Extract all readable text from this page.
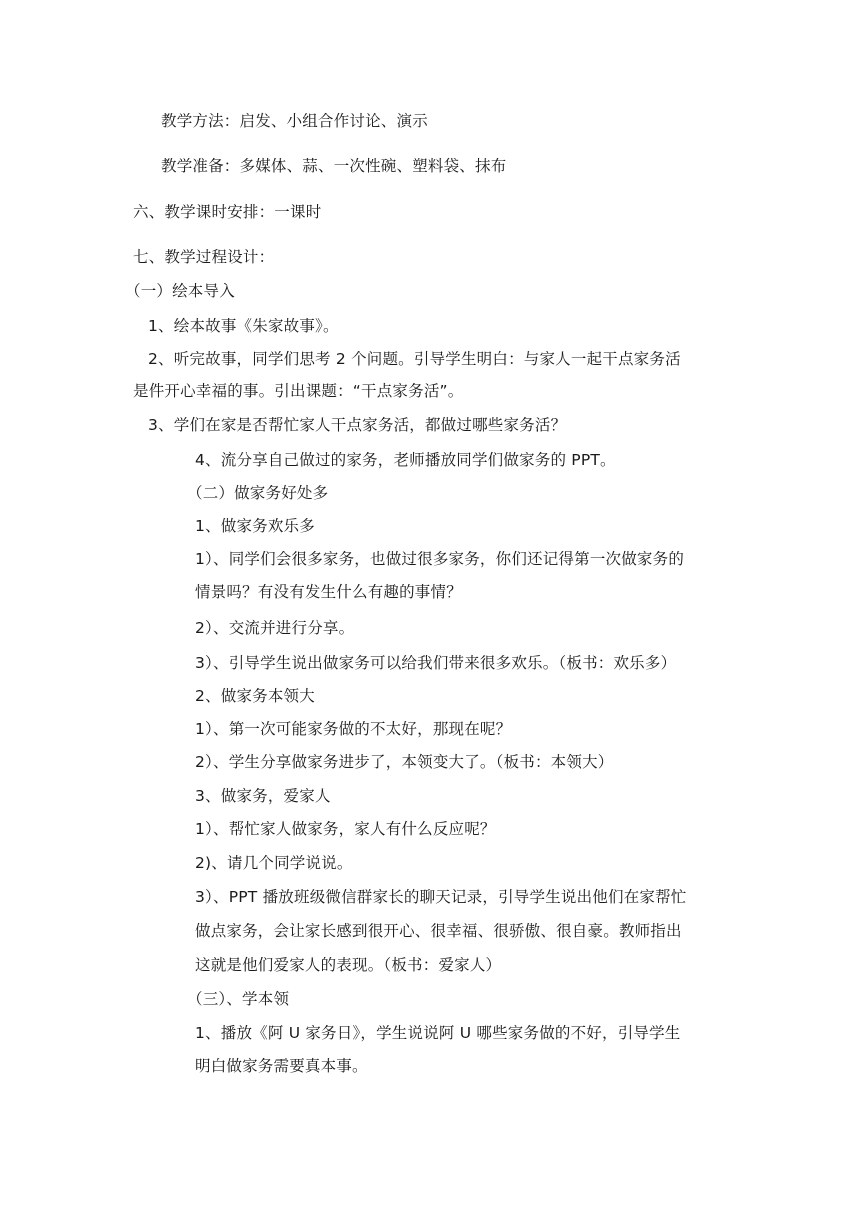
教学方法：启发、小组合作讨论、演示

教学准备：多媒体、蒜、一次性碗、塑料袋、抹布

六、教学课时安排：一课时

七、教学过程设计：

（一）绘本导入

1、绘本故事《朱家故事》。

2、听完故事，同学们思考 2 个问题。引导学生明白：与家人一起干点家务活

是件开心幸福的事。引出课题：“干点家务活”。

3、学们在家是否帮忙家人干点家务活，都做过哪些家务活？

4、流分享自己做过的家务，老师播放同学们做家务的 PPT。

（二）做家务好处多

1、做家务欢乐多

1）、同学们会很多家务，也做过很多家务，你们还记得第一次做家务的

情景吗？有没有发生什么有趣的事情？

2）、交流并进行分享。

3）、引导学生说出做家务可以给我们带来很多欢乐。（板书：欢乐多）

2、做家务本领大

1）、第一次可能家务做的不太好，那现在呢？

2）、学生分享做家务进步了，本领变大了。（板书：本领大）

3、做家务，爱家人

1）、帮忙家人做家务，家人有什么反应呢？

2)、请几个同学说说。

3）、PPT 播放班级微信群家长的聊天记录，引导学生说出他们在家帮忙

做点家务，会让家长感到很开心、很幸福、很骄傲、很自豪。教师指出

这就是他们爱家人的表现。（板书：爱家人）

（三）、学本领

1、播放《阿 U 家务日》，学生说说阿 U 哪些家务做的不好，引导学生

明白做家务需要真本事。
